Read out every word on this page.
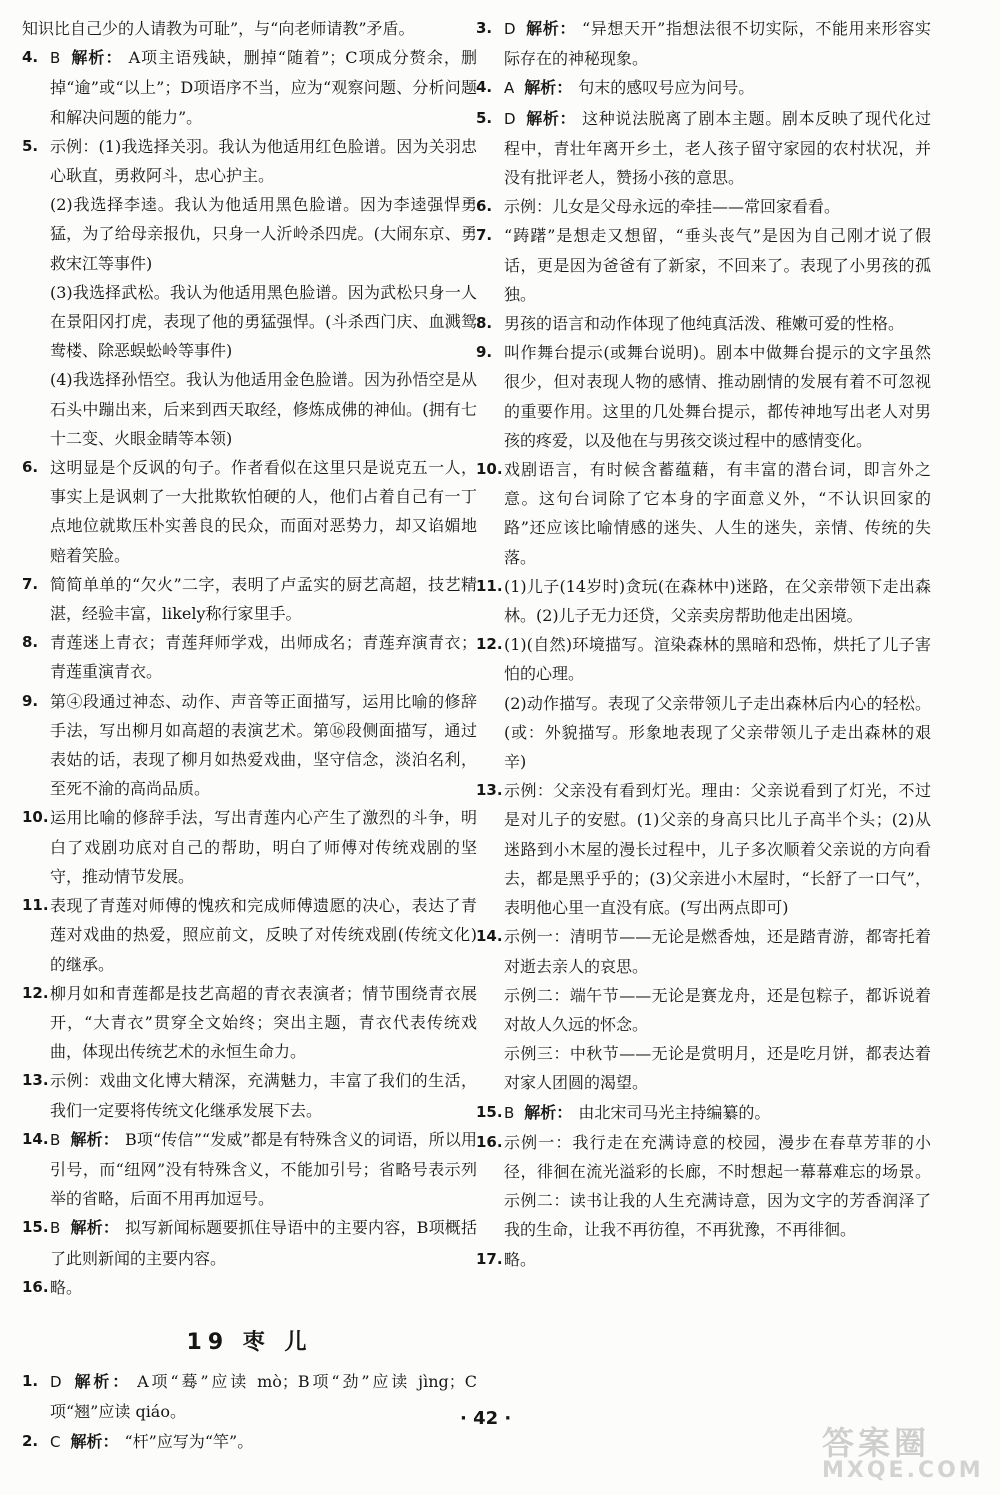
知识比自己少的人请教为可耻”，与“向老师请教”矛盾。
4. B 解析： A项主语残缺，删掉“随着”；C项成分赘余，删掉“逾”或“以上”；D项语序不当，应为“观察问题、分析问题和解决问题的能力”。
5. 示例：(1)我选择关羽。我认为他适用红色脸谱。因为关羽忠心耿直，勇救阿斗，忠心护主。
(2)我选择李逵。我认为他适用黑色脸谱。因为李逵强悍勇猛，为了给母亲报仇，只身一人沂岭杀四虎。(大闹东京、勇救宋江等事件)
(3)我选择武松。我认为他适用黑色脸谱。因为武松只身一人在景阳冈打虎，表现了他的勇猛强悍。(斗杀西门庆、血溅鸳鸯楼、除恶蜈蚣岭等事件)
(4)我选择孙悟空。我认为他适用金色脸谱。因为孙悟空是从石头中蹦出来，后来到西天取经，修炼成佛的神仙。(拥有七十二变、火眼金睛等本领)
6. 这明显是个反讽的句子。作者看似在这里只是说克五一人，事实上是讽刺了一大批欺软怕硬的人，他们占着自己有一丁点地位就欺压朴实善良的民众，而面对恶势力，却又谄媚地赔着笑脸。
7. 简简单单的“欠火”二字，表明了卢孟实的厨艺高超，技艺精湛，经验丰富，likely称行家里手。
8. 青莲迷上青衣；青莲拜师学戏，出师成名；青莲弃演青衣；青莲重演青衣。
9. 第④段通过神态、动作、声音等正面描写，运用比喻的修辞手法，写出柳月如高超的表演艺术。第⑯段侧面描写，通过表姑的话，表现了柳月如热爱戏曲，坚守信念，淡泊名利，至死不渝的高尚品质。
10. 运用比喻的修辞手法，写出青莲内心产生了激烈的斗争，明白了戏剧功底对自己的帮助，明白了师傅对传统戏剧的坚守，推动情节发展。
11. 表现了青莲对师傅的愧疚和完成师傅遗愿的决心，表达了青莲对戏曲的热爱，照应前文，反映了对传统戏剧(传统文化)的继承。
12. 柳月如和青莲都是技艺高超的青衣表演者；情节围绕青衣展开，“大青衣”贯穿全文始终；突出主题，青衣代表传统戏曲，体现出传统艺术的永恒生命力。
13. 示例：戏曲文化博大精深，充满魅力，丰富了我们的生活，我们一定要将传统文化继承发展下去。
14. B 解析： B项“传信”“发威”都是有特殊含义的词语，所以用引号，而“纽网”没有特殊含义，不能加引号；省略号表示列举的省略，后面不用再加逗号。
15. B 解析： 拟写新闻标题要抓住导语中的主要内容，B项概括了此则新闻的主要内容。
16. 略。
19 枣 儿
1. D 解析： A项“蓦”应读 mò；B项“劲”应读 jìng；C项“翘”应读 qiáo。
2. C 解析： “杆”应写为“竿”。
3. D 解析： “异想天开”指想法很不切实际，不能用来形容实际存在的神秘现象。
4. A 解析： 句末的感叹号应为问号。
5. D 解析： 这种说法脱离了剧本主题。剧本反映了现代化过程中，青壮年离开乡土，老人孩子留守家园的农村状况，并没有批评老人，赞扬小孩的意思。
6. 示例：儿女是父母永远的牵挂——常回家看看。
7. “踌躇”是想走又想留，“垂头丧气”是因为自己刚才说了假话，更是因为爸爸有了新家，不回来了。表现了小男孩的孤独。
8. 男孩的语言和动作体现了他纯真活泼、稚嫩可爱的性格。
9. 叫作舞台提示(或舞台说明)。剧本中做舞台提示的文字虽然很少，但对表现人物的感情、推动剧情的发展有着不可忽视的重要作用。这里的几处舞台提示，都传神地写出老人对男孩的疼爱，以及他在与男孩交谈过程中的感情变化。
10. 戏剧语言，有时候含蓄蕴藉，有丰富的潜台词，即言外之意。这句台词除了它本身的字面意义外，“不认识回家的路”还应该比喻情感的迷失、人生的迷失，亲情、传统的失落。
11. (1)儿子(14岁时)贪玩(在森林中)迷路，在父亲带领下走出森林。(2)儿子无力还贷，父亲卖房帮助他走出困境。
12. (1)(自然)环境描写。渲染森林的黑暗和恐怖，烘托了儿子害怕的心理。
(2)动作描写。表现了父亲带领儿子走出森林后内心的轻松。(或：外貌描写。形象地表现了父亲带领儿子走出森林的艰辛)
13. 示例：父亲没有看到灯光。理由：父亲说看到了灯光，不过是对儿子的安慰。(1)父亲的身高只比儿子高半个头；(2)从迷路到小木屋的漫长过程中，儿子多次顺着父亲说的方向看去，都是黑乎乎的；(3)父亲进小木屋时，“长舒了一口气”，表明他心里一直没有底。(写出两点即可)
14. 示例一：清明节——无论是燃香烛，还是踏青游，都寄托着对逝去亲人的哀思。
示例二：端午节——无论是赛龙舟，还是包粽子，都诉说着对故人久远的怀念。
示例三：中秋节——无论是赏明月，还是吃月饼，都表达着对家人团圆的渴望。
15. B 解析： 由北宋司马光主持编纂的。
16. 示例一：我行走在充满诗意的校园，漫步在春草芳菲的小径，徘徊在流光溢彩的长廊，不时想起一幕幕难忘的场景。示例二：读书让我的人生充满诗意，因为文字的芳香润泽了我的生命，让我不再彷徨，不再犹豫，不再徘徊。
17. 略。
· 42 ·
答案圈
MXQE.COM
